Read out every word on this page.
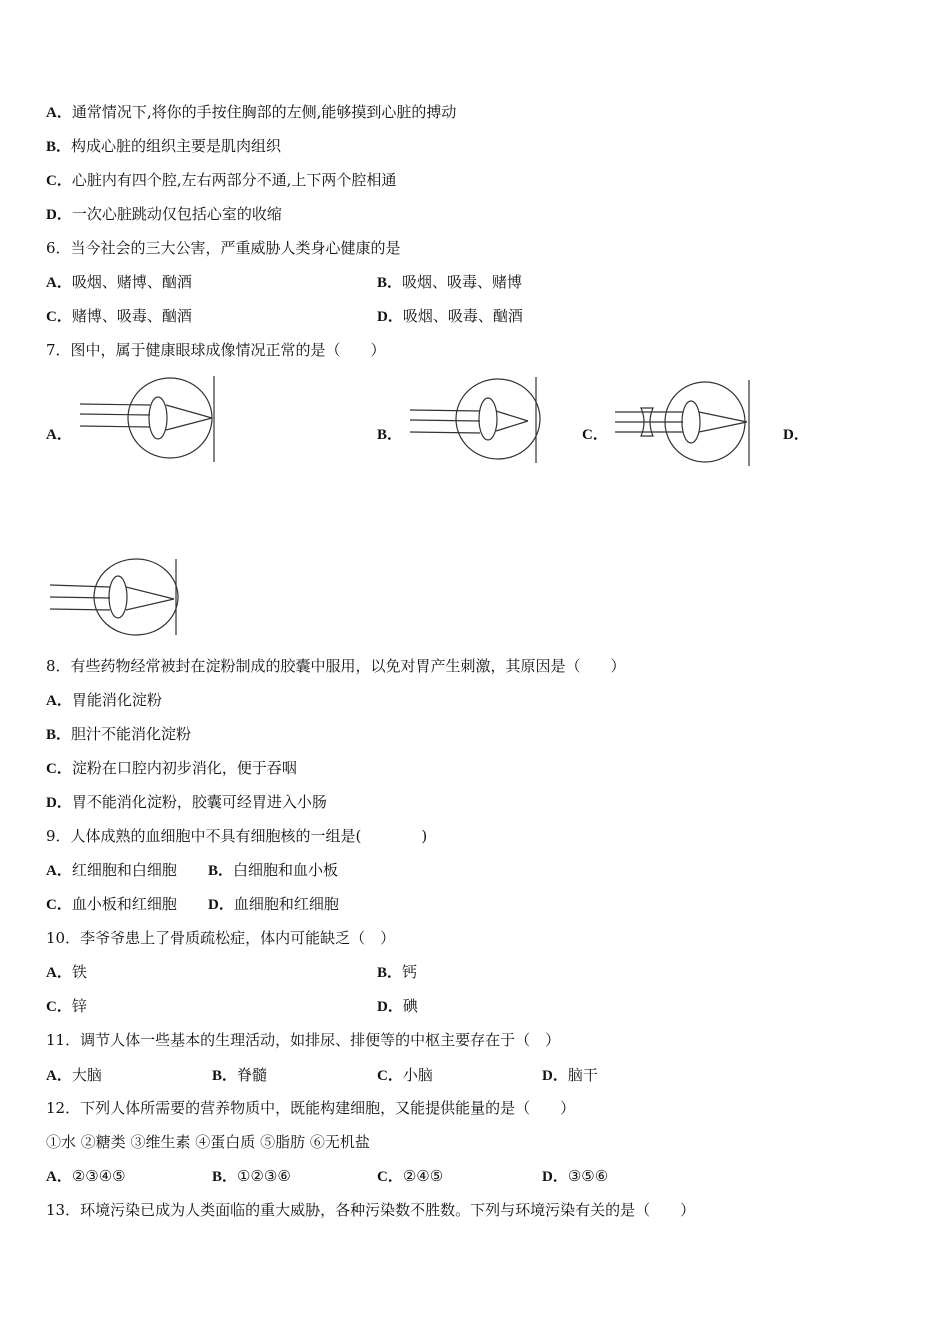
A．通常情况下,将你的手按住胸部的左侧,能够摸到心脏的搏动
B．构成心脏的组织主要是肌肉组织
C．心脏内有四个腔,左右两部分不通,上下两个腔相通
D．一次心脏跳动仅包括心室的收缩
6．当今社会的三大公害，严重威胁人类身心健康的是
A．吸烟、赌博、酗酒	B．吸烟、吸毒、赌博
C．赌博、吸毒、酗酒	D．吸烟、吸毒、酗酒
7．图中，属于健康眼球成像情况正常的是（　　）
A．	B．	C．	D．
8．有些药物经常被封在淀粉制成的胶囊中服用，以免对胃产生刺激，其原因是（　　）
A．胃能消化淀粉
B．胆汁不能消化淀粉
C．淀粉在口腔内初步消化，便于吞咽
D．胃不能消化淀粉，胶囊可经胃进入小肠
9．人体成熟的血细胞中不具有细胞核的一组是(　　　　)
A．红细胞和白细胞 B．白细胞和血小板
C．血小板和红细胞 D．血细胞和红细胞
10．李爷爷患上了骨质疏松症，体内可能缺乏（　）
A．铁	B．钙
C．锌	D．碘
11．调节人体一些基本的生理活动，如排尿、排便等的中枢主要存在于（　）
A．大脑	B．脊髓	C．小脑	D．脑干
12．下列人体所需要的营养物质中，既能构建细胞，又能提供能量的是（　　）
①水 ②糖类 ③维生素 ④蛋白质 ⑤脂肪 ⑥无机盐
A．②③④⑤	B．①②③⑥	C．②④⑤	D．③⑤⑥
13．环境污染已成为人类面临的重大威胁，各种污染数不胜数。下列与环境污染有关的是（　　）
